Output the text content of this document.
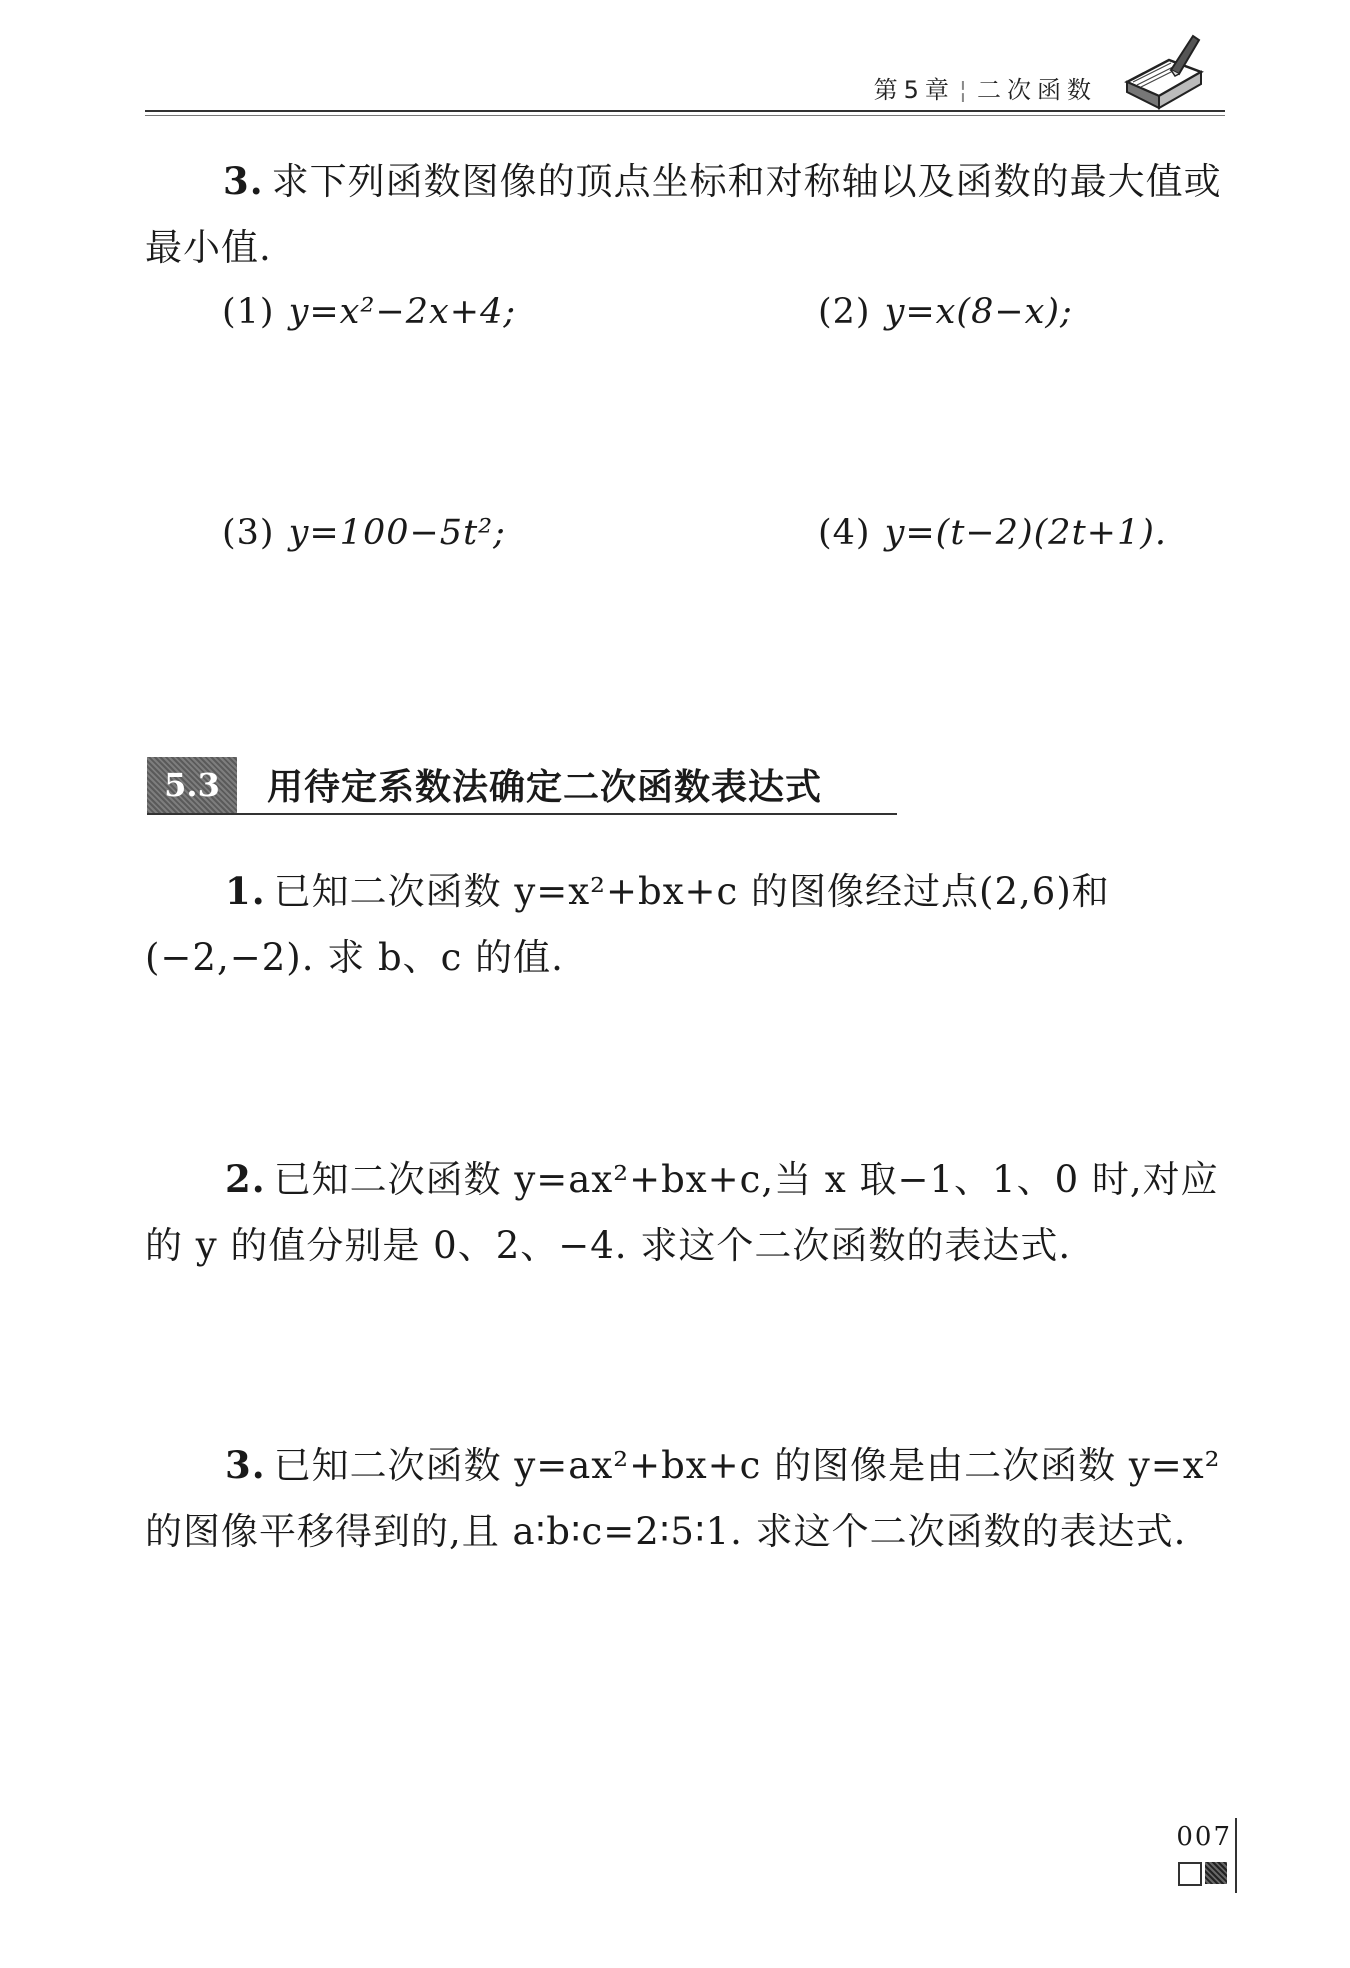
第5章 ¦ 二次函数

3. 求下列函数图像的顶点坐标和对称轴以及函数的最大值或最小值.

(1) y=x²−2x+4;	(2) y=x(8−x);
(3) y=100−5t²;	(4) y=(t−2)(2t+1).
5.3	用待定系数法确定二次函数表达式

1. 已知二次函数 y=x²+bx+c 的图像经过点(2,6)和(−2,−2). 求 b、c 的值.

2. 已知二次函数 y=ax²+bx+c,当 x 取−1、1、0 时,对应的 y 的值分别是 0、2、−4. 求这个二次函数的表达式.

3. 已知二次函数 y=ax²+bx+c 的图像是由二次函数 y=x²的图像平移得到的,且 a∶b∶c=2∶5∶1. 求这个二次函数的表达式.

007
